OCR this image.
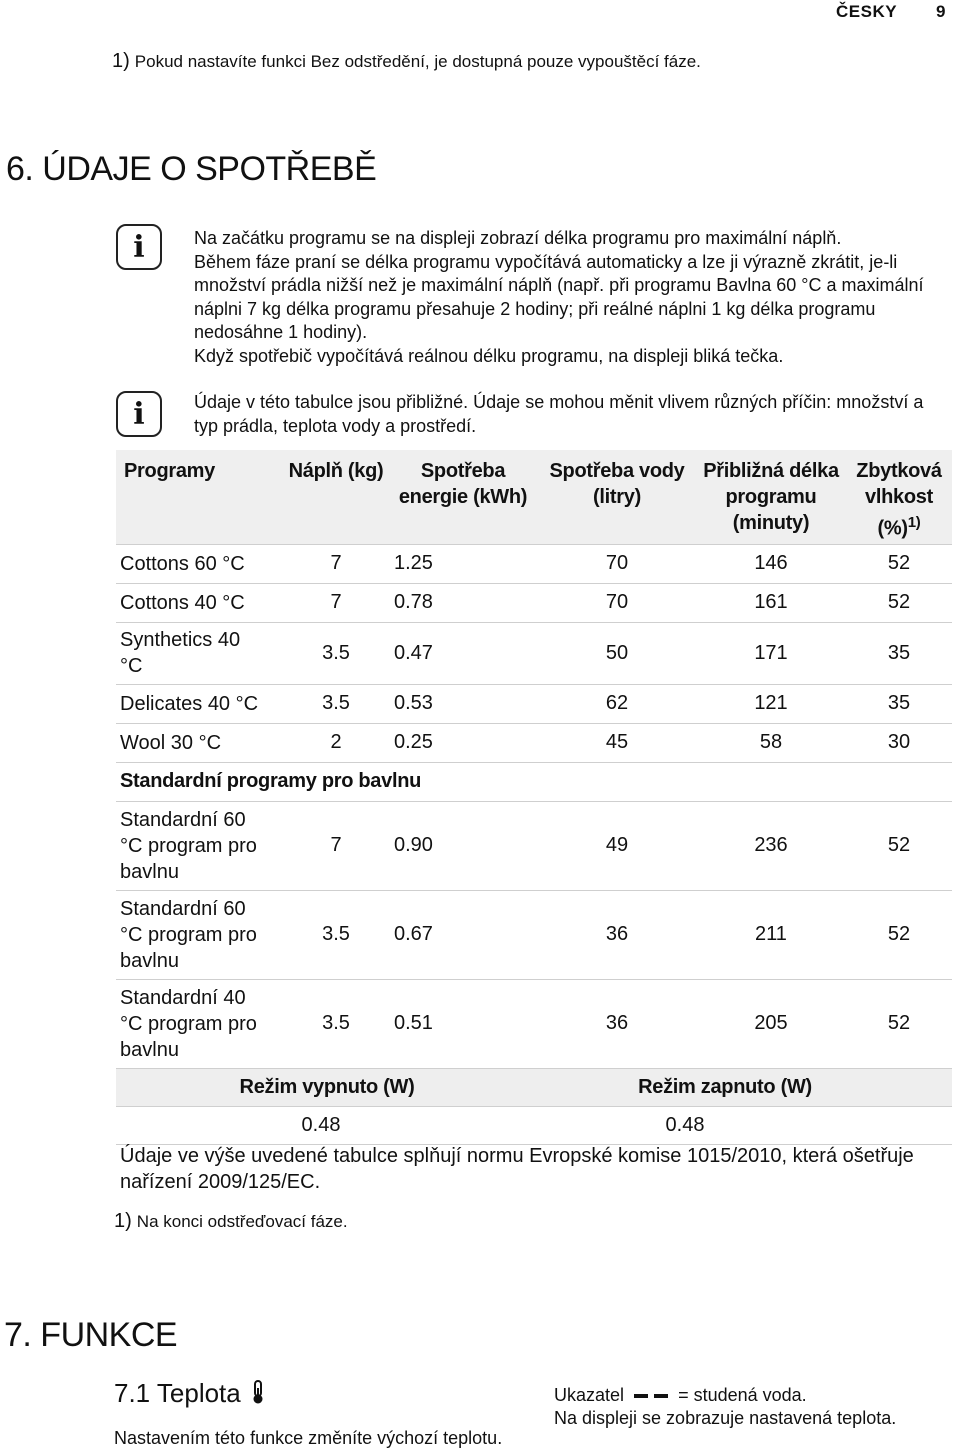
ČESKY 9
1) Pokud nastavíte funkci Bez odstředění, je dostupná pouze vypouštěcí fáze.
6. ÚDAJE O SPOTŘEBĚ
i	Na začátku programu se na displeji zobrazí délka programu pro maximální náplň.

Během fáze praní se délka programu vypočítává automaticky a lze ji výrazně zkrátit, je-li množství prádla nižší než je maximální náplň (např. při programu Bavlna 60 °C a maximální náplni 7 kg délka programu přesahuje 2 hodiny; při reálné náplni 1 kg délka programu nedosáhne 1 hodiny).

Když spotřebič vypočítává reálnou délku programu, na displeji bliká tečka.

i	Údaje v této tabulce jsou přibližné. Údaje se mohou měnit vlivem různých příčin: množství a typ prádla, teplota vody a prostředí.
Programy	Náplň (kg)	Spotřeba energie (kWh)	Spotřeba vody (litry)	Přibližná délka programu (minuty)	Zbytková vlhkost (%)$^{1)}$
Cottons 60 °C	7	1.25	70	146	52
Cottons 40 °C	7	0.78	70	161	52
Synthetics 40 °C	3.5	0.47	50	171	35
Delicates 40 °C	3.5	0.53	62	121	35
Wool 30 °C	2	0.25	45	58	30
Standardní programy pro bavlnu					
Standardní 60 °C program pro bavlnu	7	0.90	49	236	52
Standardní 60 °C program pro bavlnu	3.5	0.67	36	211	52
Standardní 40 °C program pro bavlnu	3.5	0.51	36	205	52
Režim vypnuto (W)			Režim zapnuto (W)		
0.48			0.48		
Údaje ve výše uvedené tabulce splňují normu Evropské komise 1015/2010, která ošetřuje nařízení 2009/125/EC.
1) Na konci odstřeďovací fáze.
7. FUNKCE
7.1 Teplota
Nastavením této funkce změníte výchozí teplotu.
Ukazatel	= studená voda.
Na displeji se zobrazuje nastavená teplota.
